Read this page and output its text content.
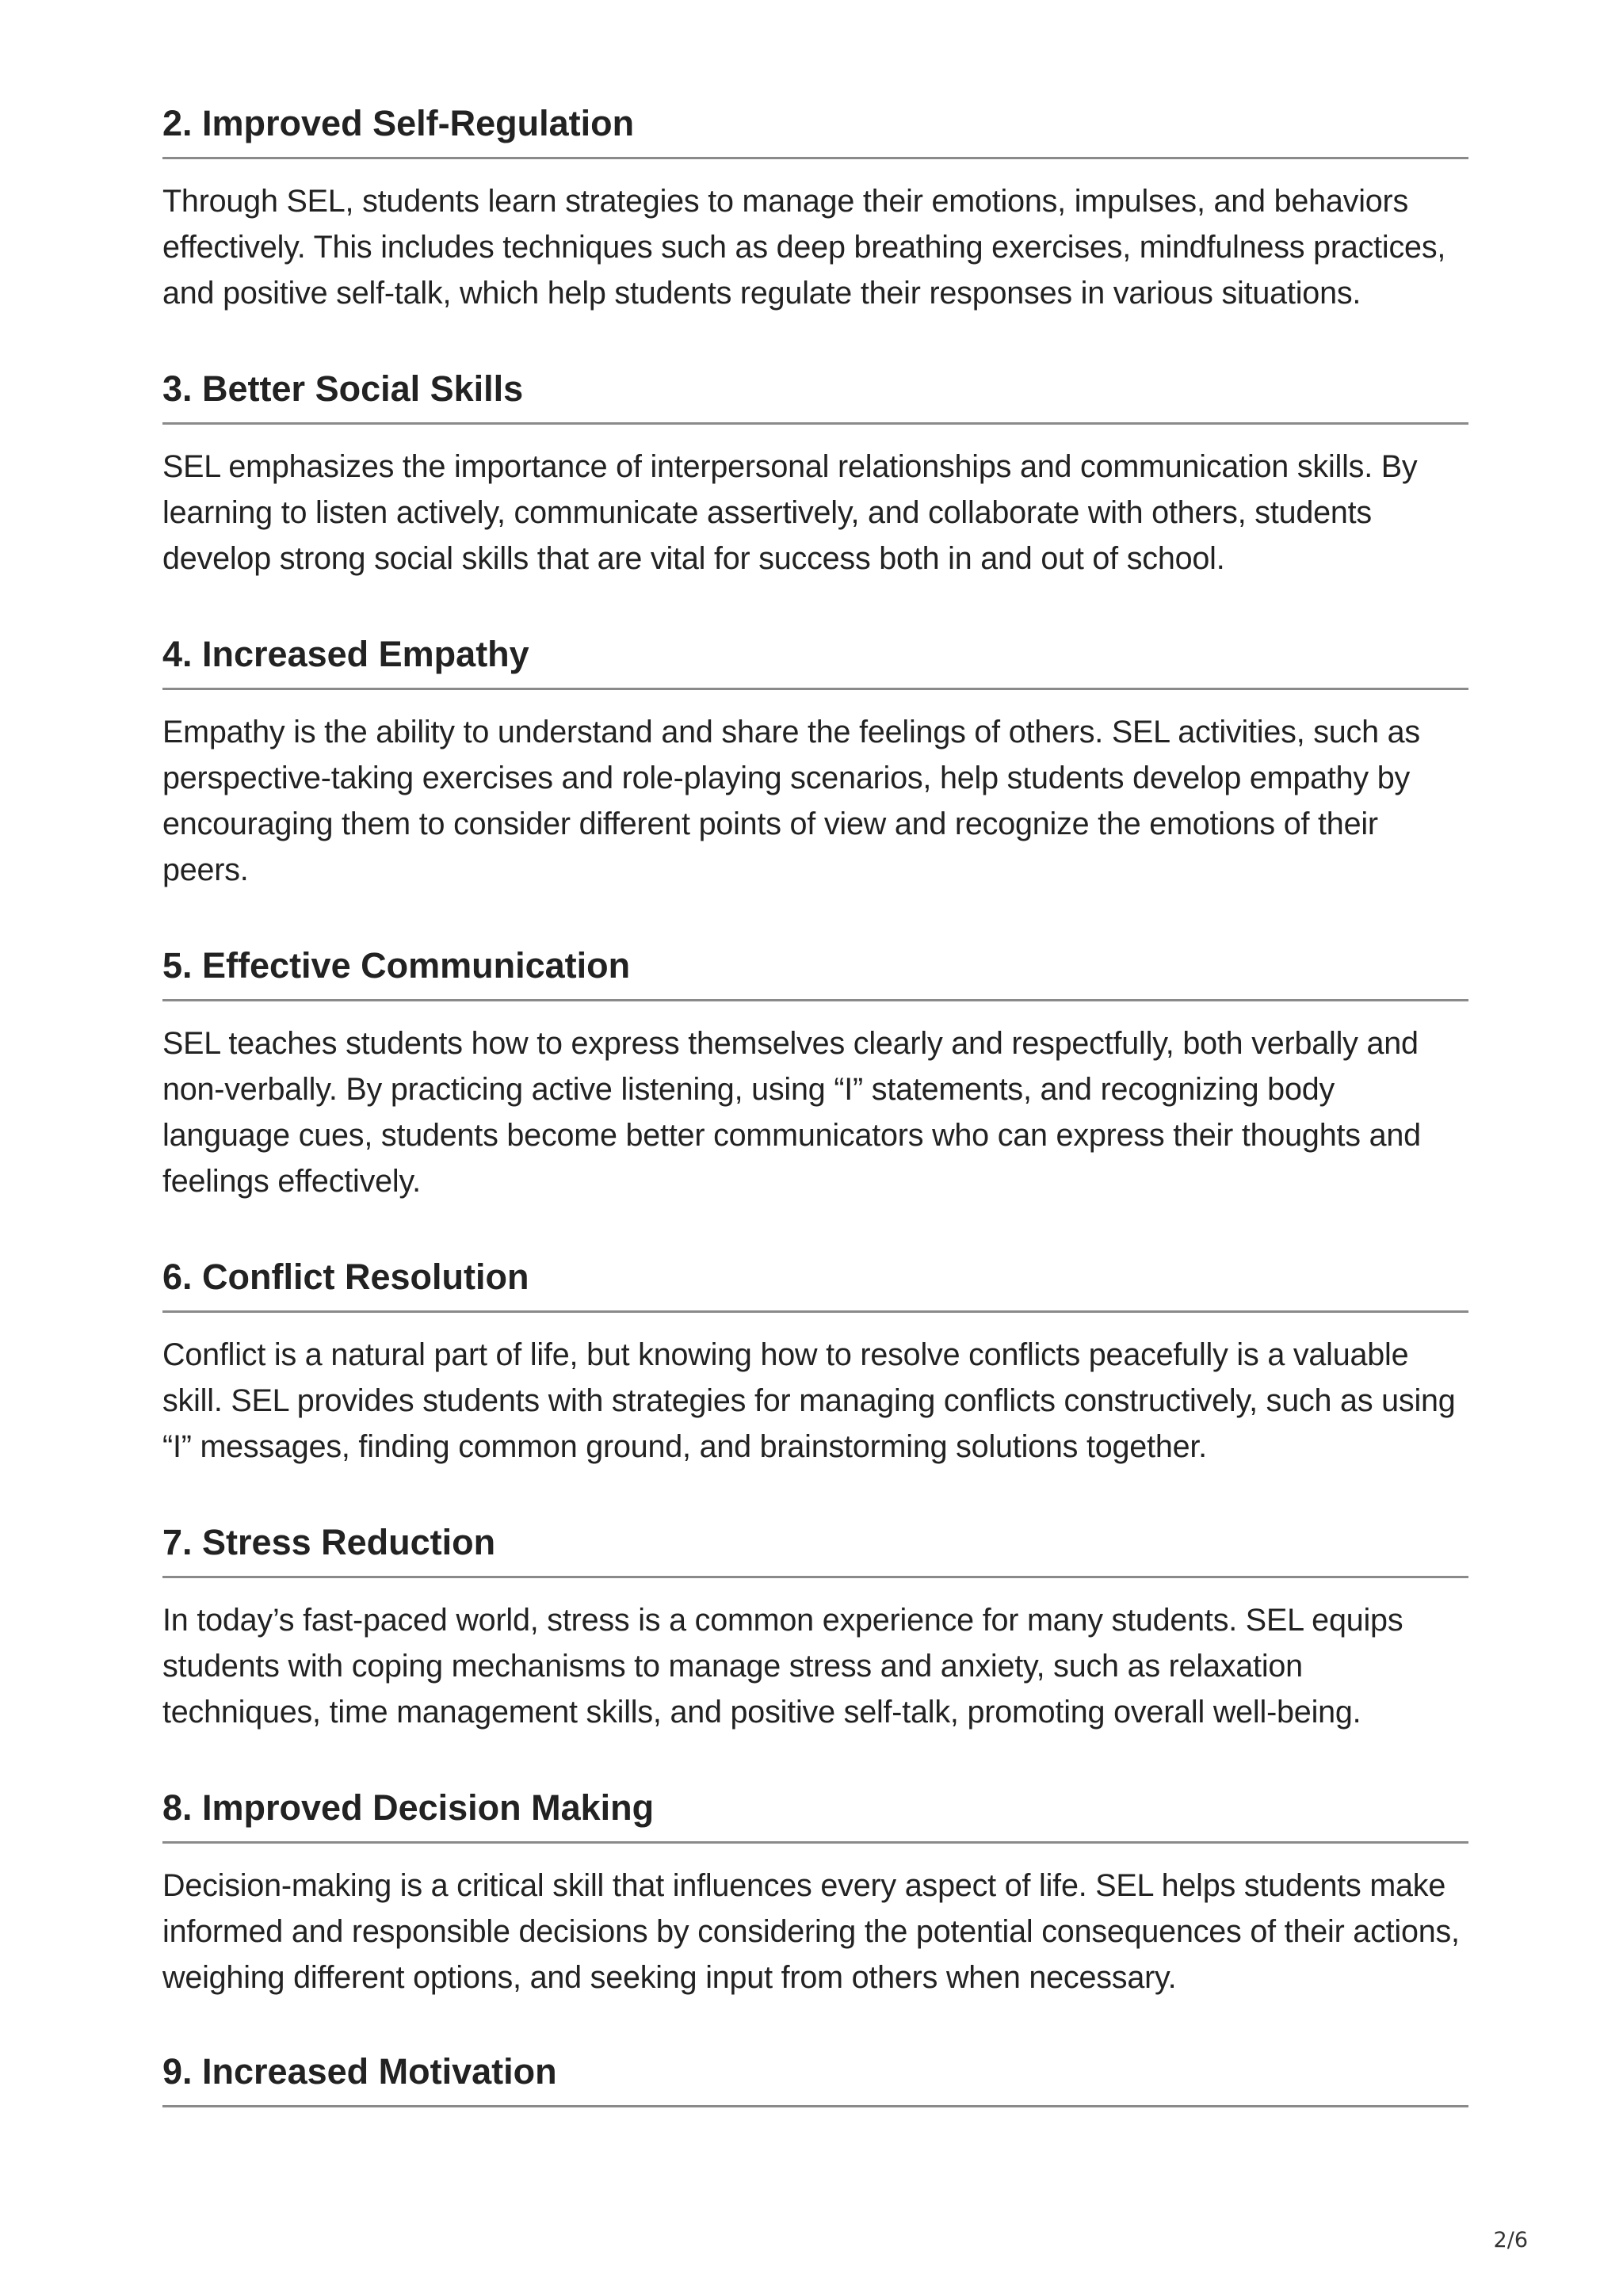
2. Improved Self-Regulation

Through SEL, students learn strategies to manage their emotions, impulses, and behaviors effectively. This includes techniques such as deep breathing exercises, mindfulness practices, and positive self-talk, which help students regulate their responses in various situations.

3. Better Social Skills

SEL emphasizes the importance of interpersonal relationships and communication skills. By learning to listen actively, communicate assertively, and collaborate with others, students develop strong social skills that are vital for success both in and out of school.

4. Increased Empathy

Empathy is the ability to understand and share the feelings of others. SEL activities, such as perspective-taking exercises and role-playing scenarios, help students develop empathy by encouraging them to consider different points of view and recognize the emotions of their peers.

5. Effective Communication

SEL teaches students how to express themselves clearly and respectfully, both verbally and non-verbally. By practicing active listening, using “I” statements, and recognizing body language cues, students become better communicators who can express their thoughts and feelings effectively.

6. Conflict Resolution

Conflict is a natural part of life, but knowing how to resolve conflicts peacefully is a valuable skill. SEL provides students with strategies for managing conflicts constructively, such as using “I” messages, finding common ground, and brainstorming solutions together.

7. Stress Reduction

In today’s fast-paced world, stress is a common experience for many students. SEL equips students with coping mechanisms to manage stress and anxiety, such as relaxation techniques, time management skills, and positive self-talk, promoting overall well-being.

8. Improved Decision Making

Decision-making is a critical skill that influences every aspect of life. SEL helps students make informed and responsible decisions by considering the potential consequences of their actions, weighing different options, and seeking input from others when necessary.

9. Increased Motivation
2/6
